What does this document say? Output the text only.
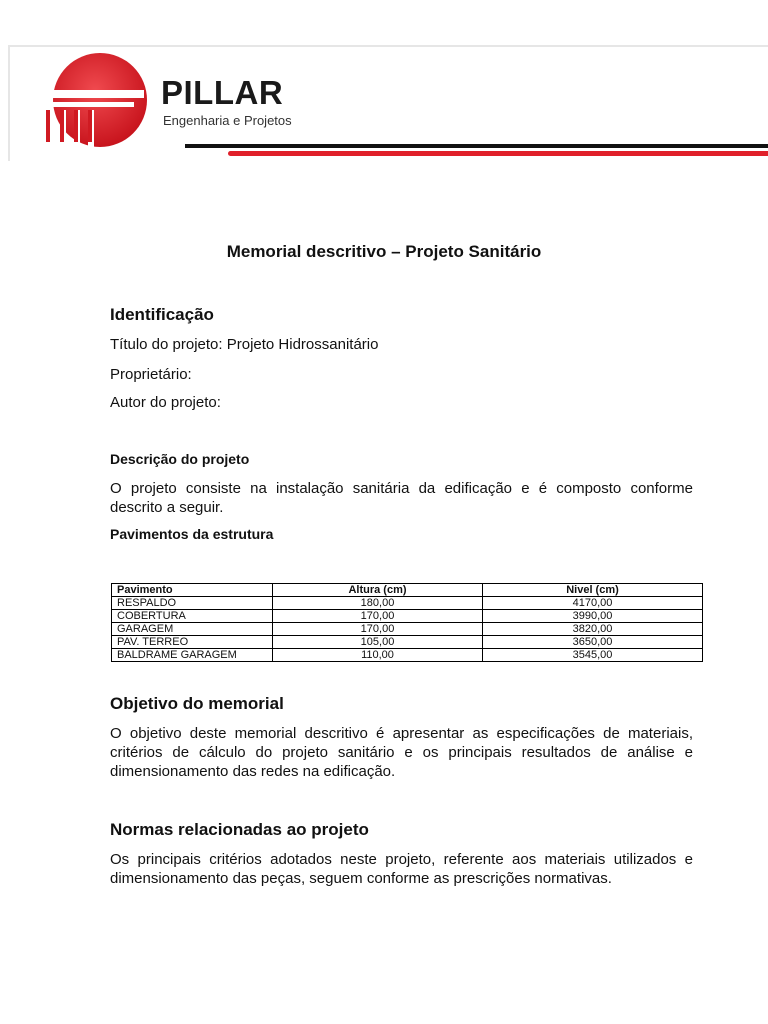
PILLAR
Engenharia e Projetos
Memorial descritivo – Projeto Sanitário
Identificação
Título do projeto: Projeto Hidrossanitário
Proprietário:
Autor do projeto:
Descrição do projeto
O projeto consiste na instalação sanitária da edificação e é composto conforme descrito a seguir.
Pavimentos da estrutura
Pavimento	Altura (cm)	Nivel (cm)
RESPALDO	180,00	4170,00
COBERTURA	170,00	3990,00
GARAGEM	170,00	3820,00
PAV. TERREO	105,00	3650,00
BALDRAME GARAGEM	110,00	3545,00
Objetivo do memorial
O objetivo deste memorial descritivo é apresentar as especificações de materiais, critérios de cálculo do projeto sanitário e os principais resultados de análise e dimensionamento das redes na edificação.
Normas relacionadas ao projeto
Os principais critérios adotados neste projeto, referente aos materiais utilizados e dimensionamento das peças, seguem conforme as prescrições normativas.
